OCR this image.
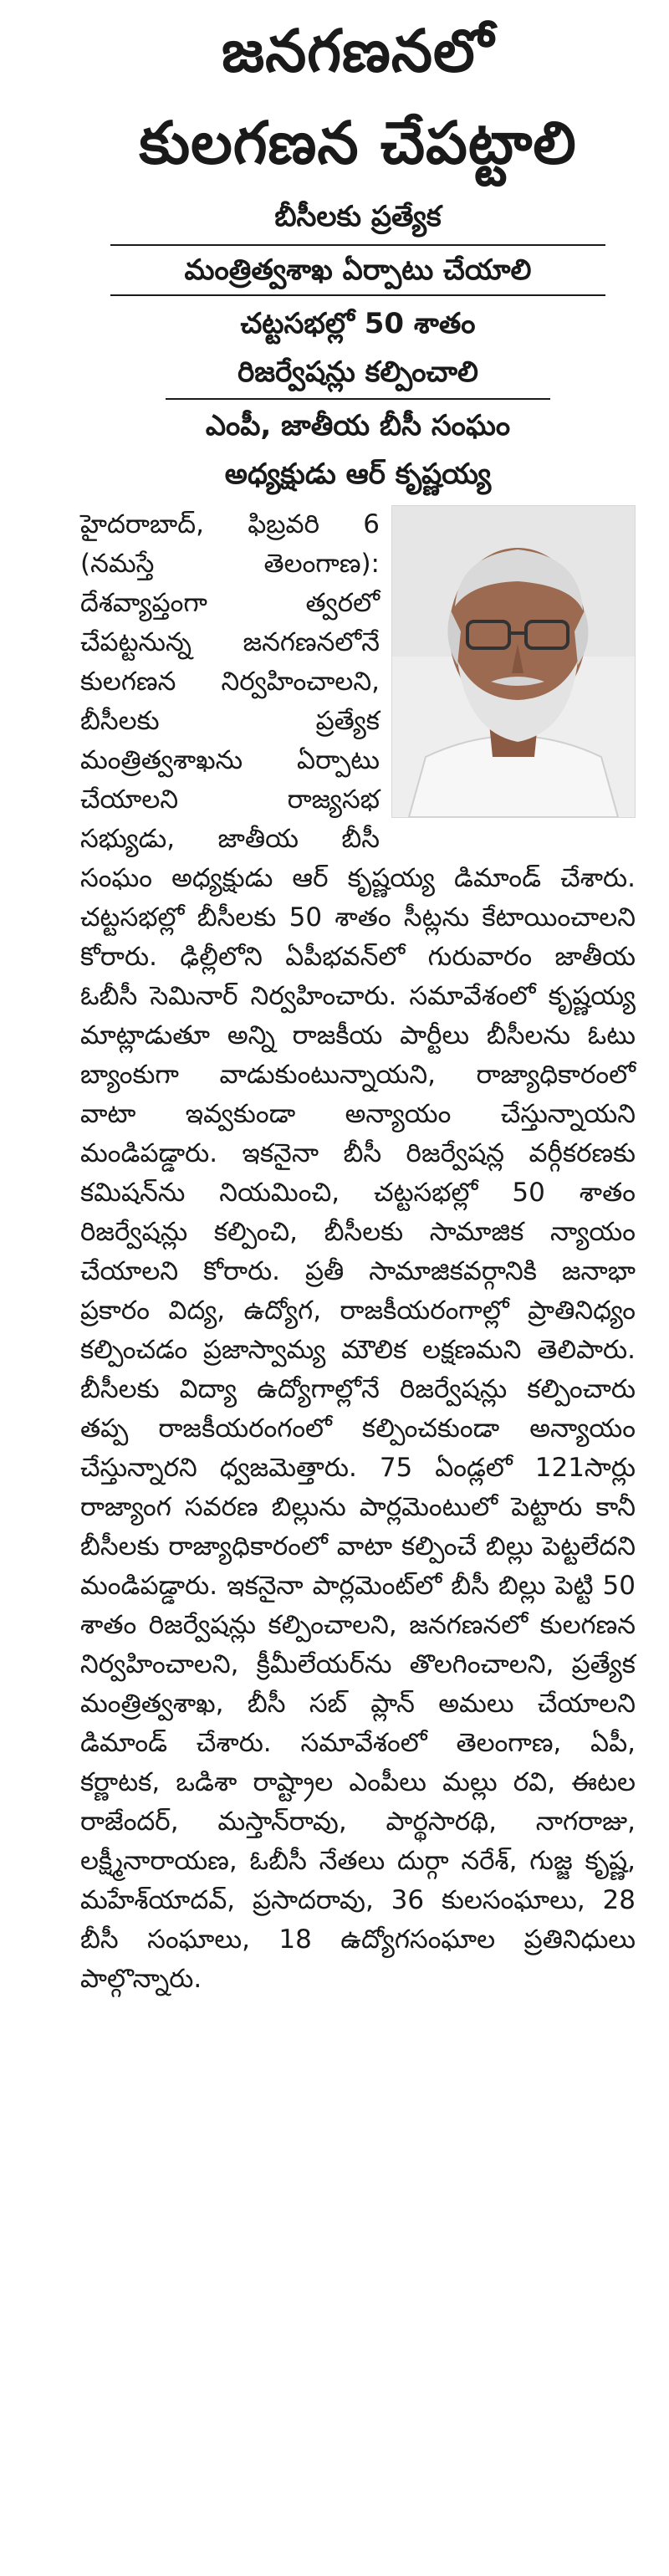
జనగణనలో
కులగణన చేపట్టాలి
బీసీలకు ప్రత్యేక
మంత్రిత్వశాఖ ఏర్పాటు చేయాలి
చట్టసభల్లో 50 శాతం
రిజర్వేషన్లు కల్పించాలి
ఎంపీ, జాతీయ బీసీ సంఘం
అధ్యక్షుడు ఆర్ కృష్ణయ్య

హైదరాబాద్, ఫిబ్రవరి 6 (నమస్తే తెలంగాణ): దేశవ్యాప్తంగా త్వరలో చేపట్టనున్న జనగణనలోనే కులగణన నిర్వహించాలని, బీసీలకు ప్రత్యేక మంత్రిత్వశాఖను ఏర్పాటు చేయాలని రాజ్యసభ సభ్యుడు, జాతీయ బీసీ సంఘం అధ్యక్షుడు ఆర్ కృష్ణయ్య డిమాండ్ చేశారు. చట్టసభల్లో బీసీలకు 50 శాతం సీట్లను కేటాయించాలని కోరారు. ఢిల్లీలోని ఏపీభవన్‌లో గురువారం జాతీయ ఓబీసీ సెమినార్ నిర్వహించారు. సమావేశంలో కృష్ణయ్య మాట్లాడుతూ అన్ని రాజకీయ పార్టీలు బీసీలను ఓటు బ్యాంకుగా వాడుకుంటున్నాయని, రాజ్యాధికారంలో వాటా ఇవ్వకుండా అన్యాయం చేస్తున్నాయని మండిపడ్డారు. ఇకనైనా బీసీ రిజర్వేషన్ల వర్గీకరణకు కమిషన్‌ను నియమించి, చట్టసభల్లో 50 శాతం రిజర్వేషన్లు కల్పించి, బీసీలకు సామాజిక న్యాయం చేయాలని కోరారు. ప్రతీ సామాజికవర్గానికి జనాభా ప్రకారం విద్య, ఉద్యోగ, రాజకీయరంగాల్లో ప్రాతినిధ్యం కల్పించడం ప్రజాస్వామ్య మౌలిక లక్షణమని తెలిపారు. బీసీలకు విద్యా ఉద్యోగాల్లోనే రిజర్వేషన్లు కల్పించారు తప్ప రాజకీయరంగంలో కల్పించకుండా అన్యాయం చేస్తున్నారని ధ్వజమెత్తారు. 75 ఏండ్లలో 121సార్లు రాజ్యాంగ సవరణ బిల్లును పార్లమెంటులో పెట్టారు కానీ బీసీలకు రాజ్యాధికారంలో వాటా కల్పించే బిల్లు పెట్టలేదని మండిపడ్డారు. ఇకనైనా పార్లమెంట్‌లో బీసీ బిల్లు పెట్టి 50 శాతం రిజర్వేషన్లు కల్పించాలని, జనగణనలో కులగణన నిర్వహించాలని, క్రీమీలేయర్‌ను తొలగించాలని, ప్రత్యేక మంత్రిత్వశాఖ, బీసీ సబ్ ప్లాన్ అమలు చేయాలని డిమాండ్ చేశారు. సమావేశంలో తెలంగాణ, ఏపీ, కర్ణాటక, ఒడిశా రాష్ట్రాల ఎంపీలు మల్లు రవి, ఈటల రాజేందర్, మస్తాన్‌రావు, పార్థసారథి, నాగరాజు, లక్ష్మీనారాయణ, ఓబీసీ నేతలు దుర్గా నరేశ్, గుజ్జ కృష్ణ, మహేశ్‌యాదవ్, ప్రసాదరావు, 36 కులసంఘాలు, 28 బీసీ సంఘాలు, 18 ఉద్యోగసంఘాల ప్రతినిధులు పాల్గొన్నారు.
